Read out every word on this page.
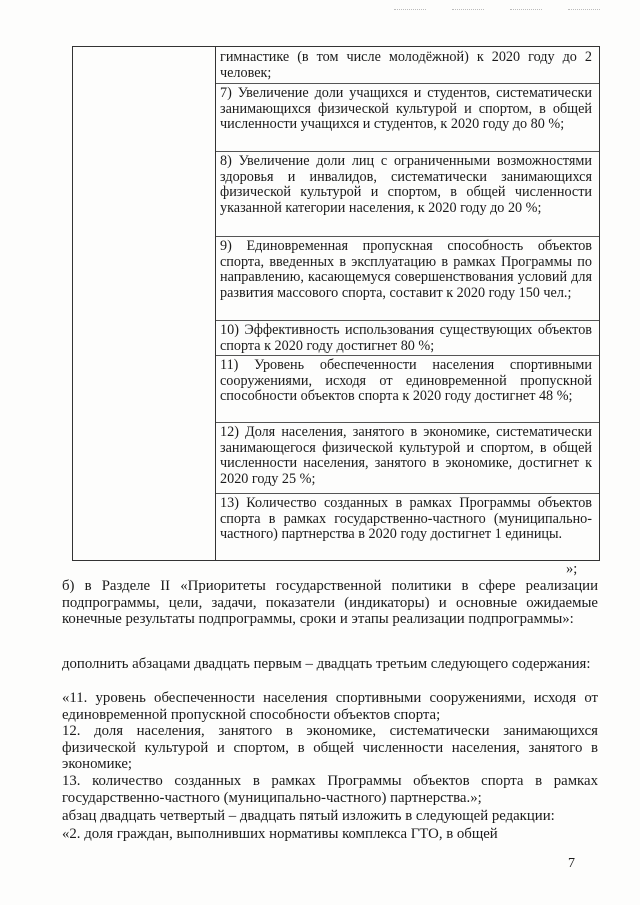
гимнастике (в том числе молодёжной) к 2020 году до 2 человек;

7) Увеличение доли учащихся и студентов, систематически занимающихся физической культурой и спортом, в общей численности учащихся и студентов, к 2020 году до 80 %;

8) Увеличение доли лиц с ограниченными возможностями здоровья и инвалидов, систематически занимающихся физической культурой и спортом, в общей численности указанной категории населения, к 2020 году до 20 %;

9) Единовременная пропускная способность объектов спорта, введенных в эксплуатацию в рамках Программы по направлению, касающемуся совершенствования условий для развития массового спорта, составит к 2020 году 150 чел.;

10) Эффективность использования существующих объектов спорта к 2020 году достигнет 80 %;

11) Уровень обеспеченности населения спортивными сооружениями, исходя от единовременной пропускной способности объектов спорта к 2020 году достигнет 48 %;

12) Доля населения, занятого в экономике, систематически занимающегося физической культурой и спортом, в общей численности населения, занятого в экономике, достигнет к 2020 году 25 %;

13) Количество созданных в рамках Программы объектов спорта в рамках государственно-частного (муниципально-частного) партнерства в 2020 году достигнет 1 единицы.

»;

б) в Разделе II «Приоритеты государственной политики в сфере реализации подпрограммы, цели, задачи, показатели (индикаторы) и основные ожидаемые конечные результаты подпрограммы, сроки и этапы реализации подпрограммы»:

дополнить абзацами двадцать первым – двадцать третьим следующего содержания:

«11. уровень обеспеченности населения спортивными сооружениями, исходя от единовременной пропускной способности объектов спорта;

12. доля населения, занятого в экономике, систематически занимающихся физической культурой и спортом, в общей численности населения, занятого в экономике;

13. количество созданных в рамках Программы объектов спорта в рамках государственно-частного (муниципально-частного) партнерства.»;

абзац двадцать четвертый – двадцать пятый изложить в следующей редакции:

«2. доля граждан, выполнивших нормативы комплекса ГТО, в общей

7
